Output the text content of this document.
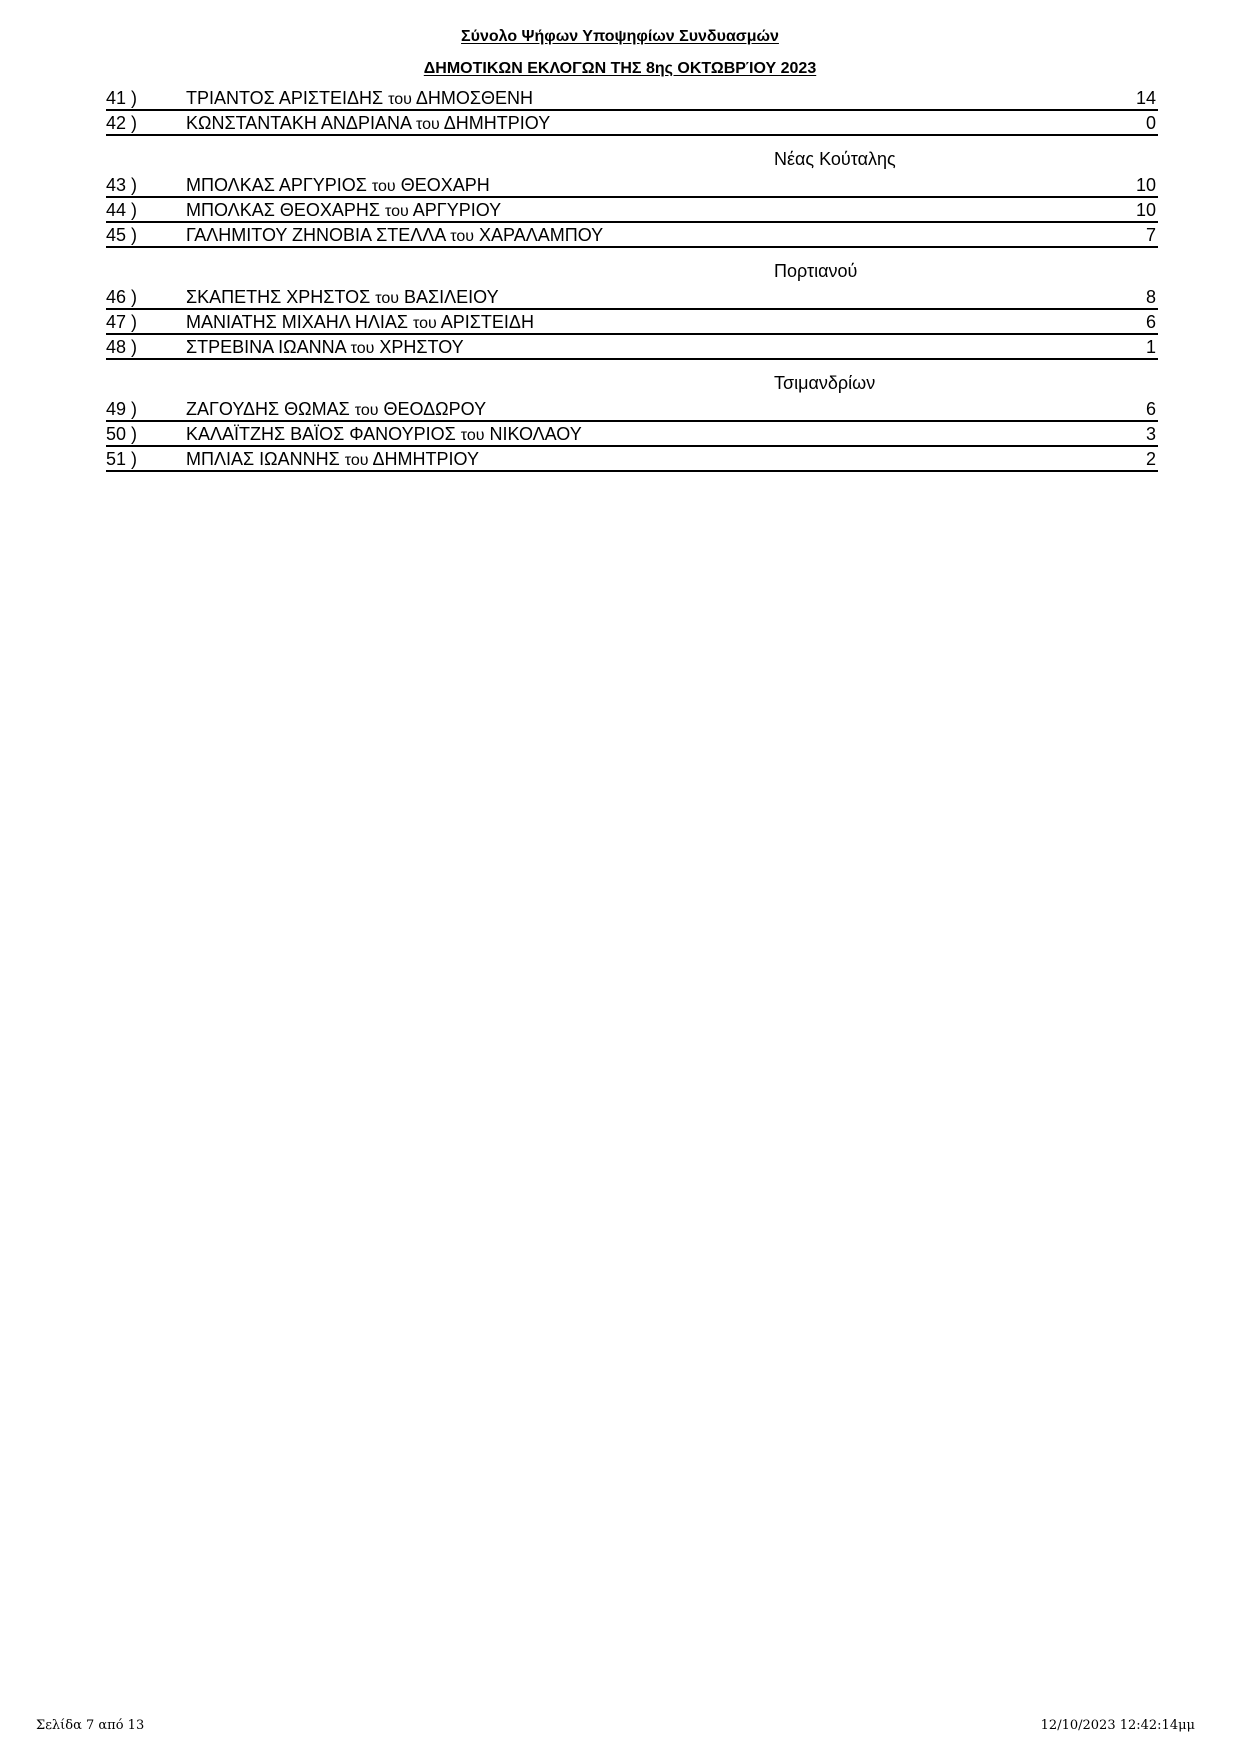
Σύνολο Ψήφων Υποψηφίων Συνδυασμών
ΔΗΜΟΤΙΚΩΝ ΕΚΛΟΓΩΝ ΤΗΣ 8ης ΟΚΤΩΒΡΊΟΥ 2023
41 )	ΤΡΙΑΝΤΟΣ ΑΡΙΣΤΕΙΔΗΣ του ΔΗΜΟΣΘΕΝΗ	14
42 )	ΚΩΝΣΤΑΝΤΑΚΗ ΑΝΔΡΙΑΝΑ του ΔΗΜΗΤΡΙΟΥ	0
Νέας Κούταλης
43 )	ΜΠΟΛΚΑΣ ΑΡΓΥΡΙΟΣ του ΘΕΟΧΑΡΗ	10
44 )	ΜΠΟΛΚΑΣ ΘΕΟΧΑΡΗΣ του ΑΡΓΥΡΙΟΥ	10
45 )	ΓΑΛΗΜΙΤΟΥ ΖΗΝΟΒΙΑ ΣΤΕΛΛΑ του ΧΑΡΑΛΑΜΠΟΥ	7
Πορτιανού
46 )	ΣΚΑΠΕΤΗΣ ΧΡΗΣΤΟΣ του ΒΑΣΙΛΕΙΟΥ	8
47 )	ΜΑΝΙΑΤΗΣ ΜΙΧΑΗΛ ΗΛΙΑΣ του ΑΡΙΣΤΕΙΔΗ	6
48 )	ΣΤΡΕΒΙΝΑ ΙΩΑΝΝΑ του ΧΡΗΣΤΟΥ	1
Τσιμανδρίων
49 )	ΖΑΓΟΥΔΗΣ ΘΩΜΑΣ του ΘΕΟΔΩΡΟΥ	6
50 )	ΚΑΛΑΪΤΖΗΣ ΒΑΪΟΣ ΦΑΝΟΥΡΙΟΣ του ΝΙΚΟΛΑΟΥ	3
51 )	ΜΠΛΙΑΣ ΙΩΑΝΝΗΣ του ΔΗΜΗΤΡΙΟΥ	2
Σελίδα 7 από 13	12/10/2023 12:42:14μμ
